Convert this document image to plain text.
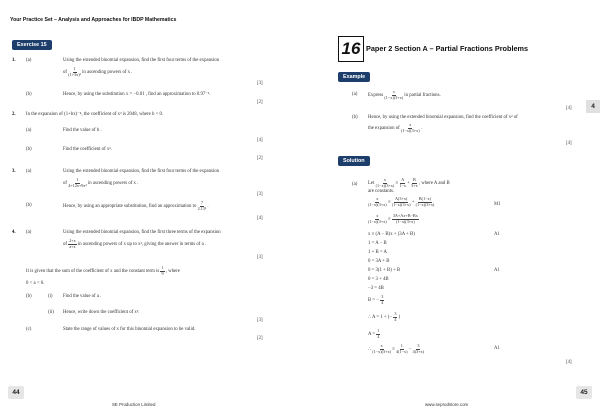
Your Practice Set – Analysis and Approaches for IBDP Mathematics
Exercise 15
1. (a)	Using the extended binomial expansion, find the first four terms of the expansion
of $\frac{1}{\text{(1+3x)²}}$ in ascending powers of x .
[3]
(b)	Hence, by using the substitution x = −0.01 , find an approximation to 0.97⁻².
[2]
2. In the expansion of (1+bx)⁻⁴, the coefficient of x³ is 2048, where b < 0.
(a)	Find the value of b .
[4]
(b)	Find the coefficient of x².
[2]
3. (a)	Using the extended binomial expansion, find the first four terms of the expansion
of $\frac{1}{\text{4+12x+9x²}}$ in ascending powers of x .
[3]
(b)	Hence, by using an appropriate substitution, find an approximation to $\frac{7}{\text{2.13²}}$ .
[4]
4. (a)	Using the extended binomial expansion, find the first three terms of the expansion
of $\frac{2+x}{a+x}$ in ascending powers of x up to x², giving the answer in terms of a .
[3]
It is given that the sum of the coefficient of x and the constant term is $\frac{1}{9}$ , where
0 < a < 6.
(b)	(i) Find the value of a .
(ii) Hence, write down the coefficient of x².
[3]
(c)	State the range of values of x for this binomial expansion to be valid.
[2]
44
SE Production Limited
16 Paper 2 Section A – Partial Fractions Problems
Example
(a) Express $\frac{x}{(1-x)(3+x)}$ in partial fractions.
[4]
(b) Hence, by using the extended binomial expansion, find the coefficient of x² of
the expansion of $\frac{x}{(1-x)(3+x)}$ .
[4]
Solution
(a) Let $\frac{x}{(1-x)(3+x)} \equiv \frac{A}{1-x} + \frac{B}{3+x}$ , where A and B
are constants.
$\frac{x}{(1-x)(3+x)} \equiv \frac{A(3+x)}{(1-x)(3+x)} + \frac{B(1-x)}{(1-x)(3+x)}$	M1
$\frac{x}{(1-x)(3+x)} \equiv \frac{3A+Ax+B-Bx}{(1-x)(3+x)}$
x ≡ (A − B)x + (3A + B)	A1
1 = A − B
1 + B = A
0 = 3A + B
0 = 3(1 + B) + B	A1
0 = 3 + 4B
−3 = 4B
B = − $\frac{3}{4}$
∴ A = 1 + (− $\frac{3}{4}$ )
$A = \frac{1}{4}$
∴ $\frac{x}{(1-x)(3+x)} \equiv \frac{1}{4(1-x)} - \frac{3}{4(3+x)}$	A1
[4]
4
45
www.seprodstore.com
